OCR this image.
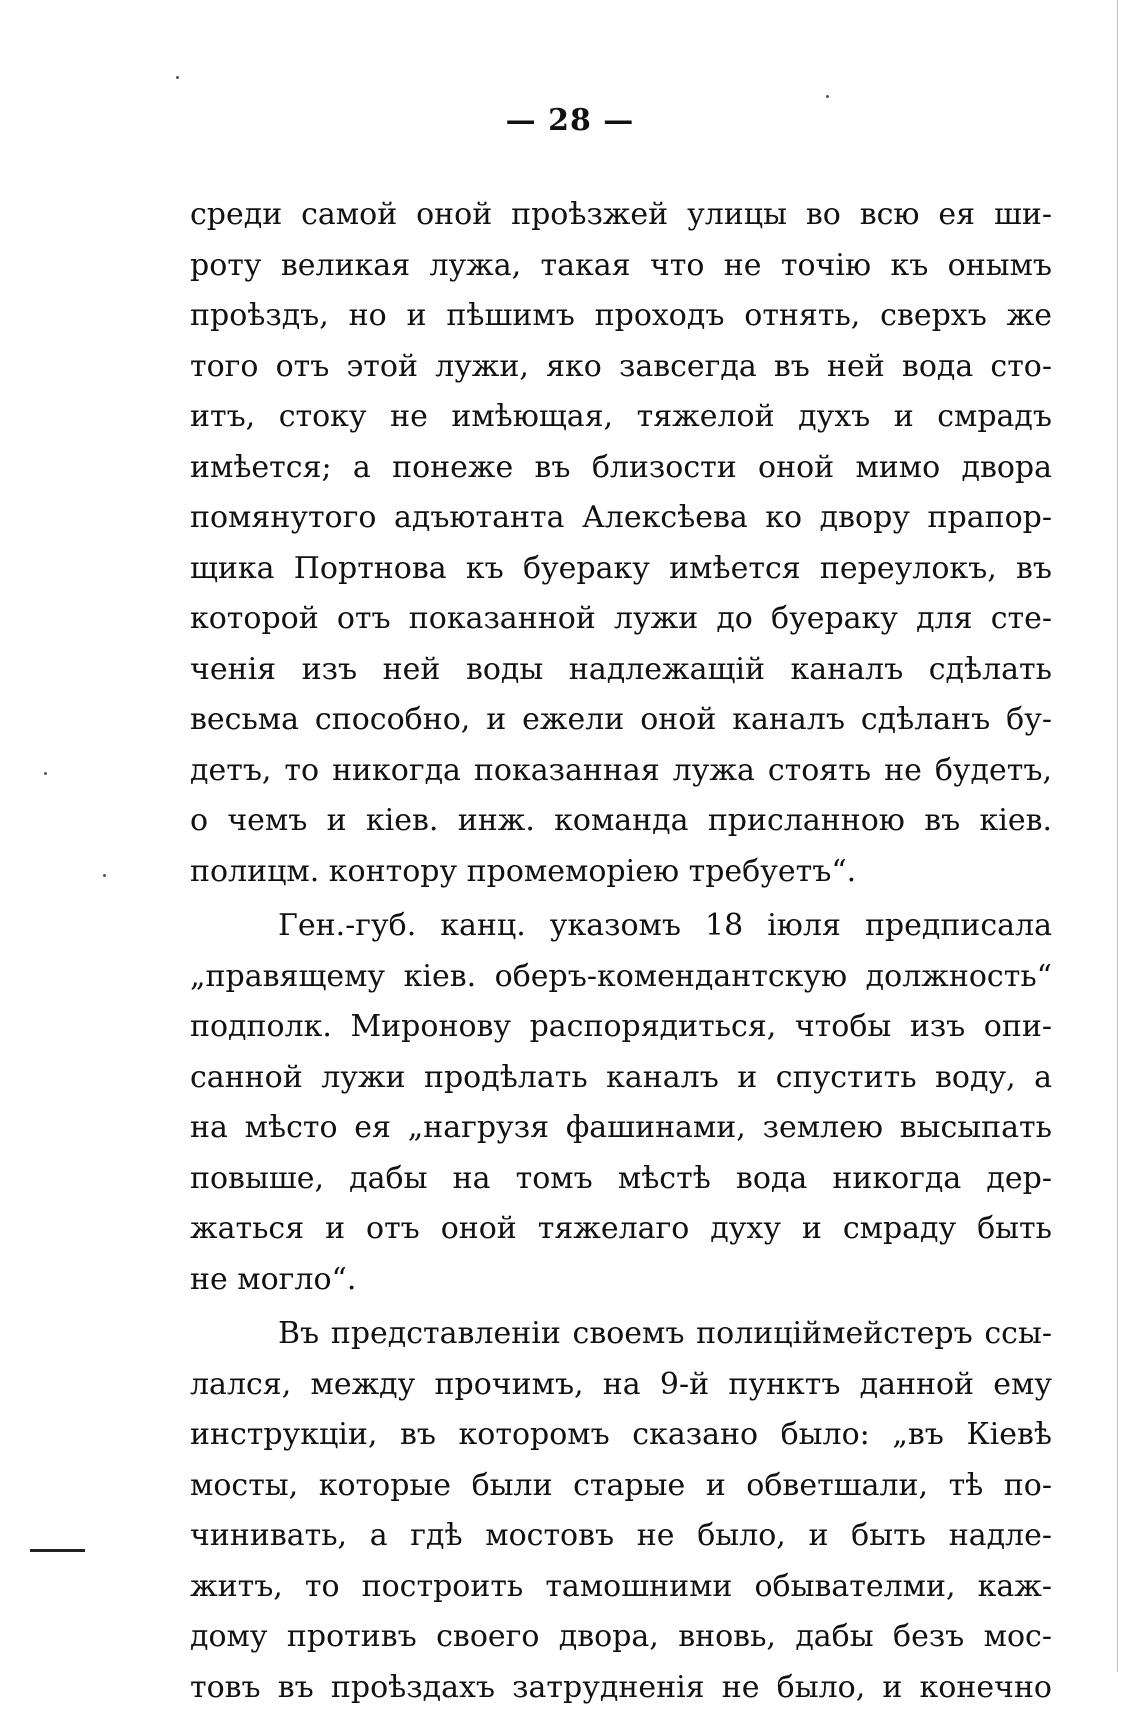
— 28 —
среди самой оной проѣзжей улицы во всю ея ши-
роту великая лужа, такая что не точію къ онымъ
проѣздъ, но и пѣшимъ проходъ отнять, сверхъ же
того отъ этой лужи, яко завсегда въ ней вода сто-
итъ, стоку не имѣющая, тяжелой духъ и смрадъ
имѣется; а понеже въ близости оной мимо двора
помянутого адъютанта Алексѣева ко двору прапор-
щика Портнова къ буераку имѣется переулокъ, въ
которой отъ показанной лужи до буераку для сте-
ченія изъ ней воды надлежащій каналъ сдѣлать
весьма способно, и ежели оной каналъ сдѣланъ бу-
детъ, то никогда показанная лужа стоять не будетъ,
о чемъ и кіев. инж. команда присланною въ кіев.
полицм. контору промеморіею требуетъ“.
Ген.-губ. канц. указомъ 18 іюля предписала
„правящему кіев. оберъ-комендантскую должность“
подполк. Миронову распорядиться, чтобы изъ опи-
санной лужи продѣлать каналъ и спустить воду, а
на мѣсто ея „нагрузя фашинами, землею высыпать
повыше, дабы на томъ мѣстѣ вода никогда дер-
жаться и отъ оной тяжелаго духу и смраду быть
не могло“.
Въ представленіи своемъ полиціймейстеръ ссы-
лался, между прочимъ, на 9-й пунктъ данной ему
инструкціи, въ которомъ сказано было: „въ Кіевѣ
мосты, которые были старые и обветшали, тѣ по-
чинивать, а гдѣ мостовъ не было, и быть надле-
житъ, то построить тамошними обывателми, каж-
дому противъ своего двора, вновь, дабы безъ мос-
товъ въ проѣздахъ затрудненія не было, и конечно
